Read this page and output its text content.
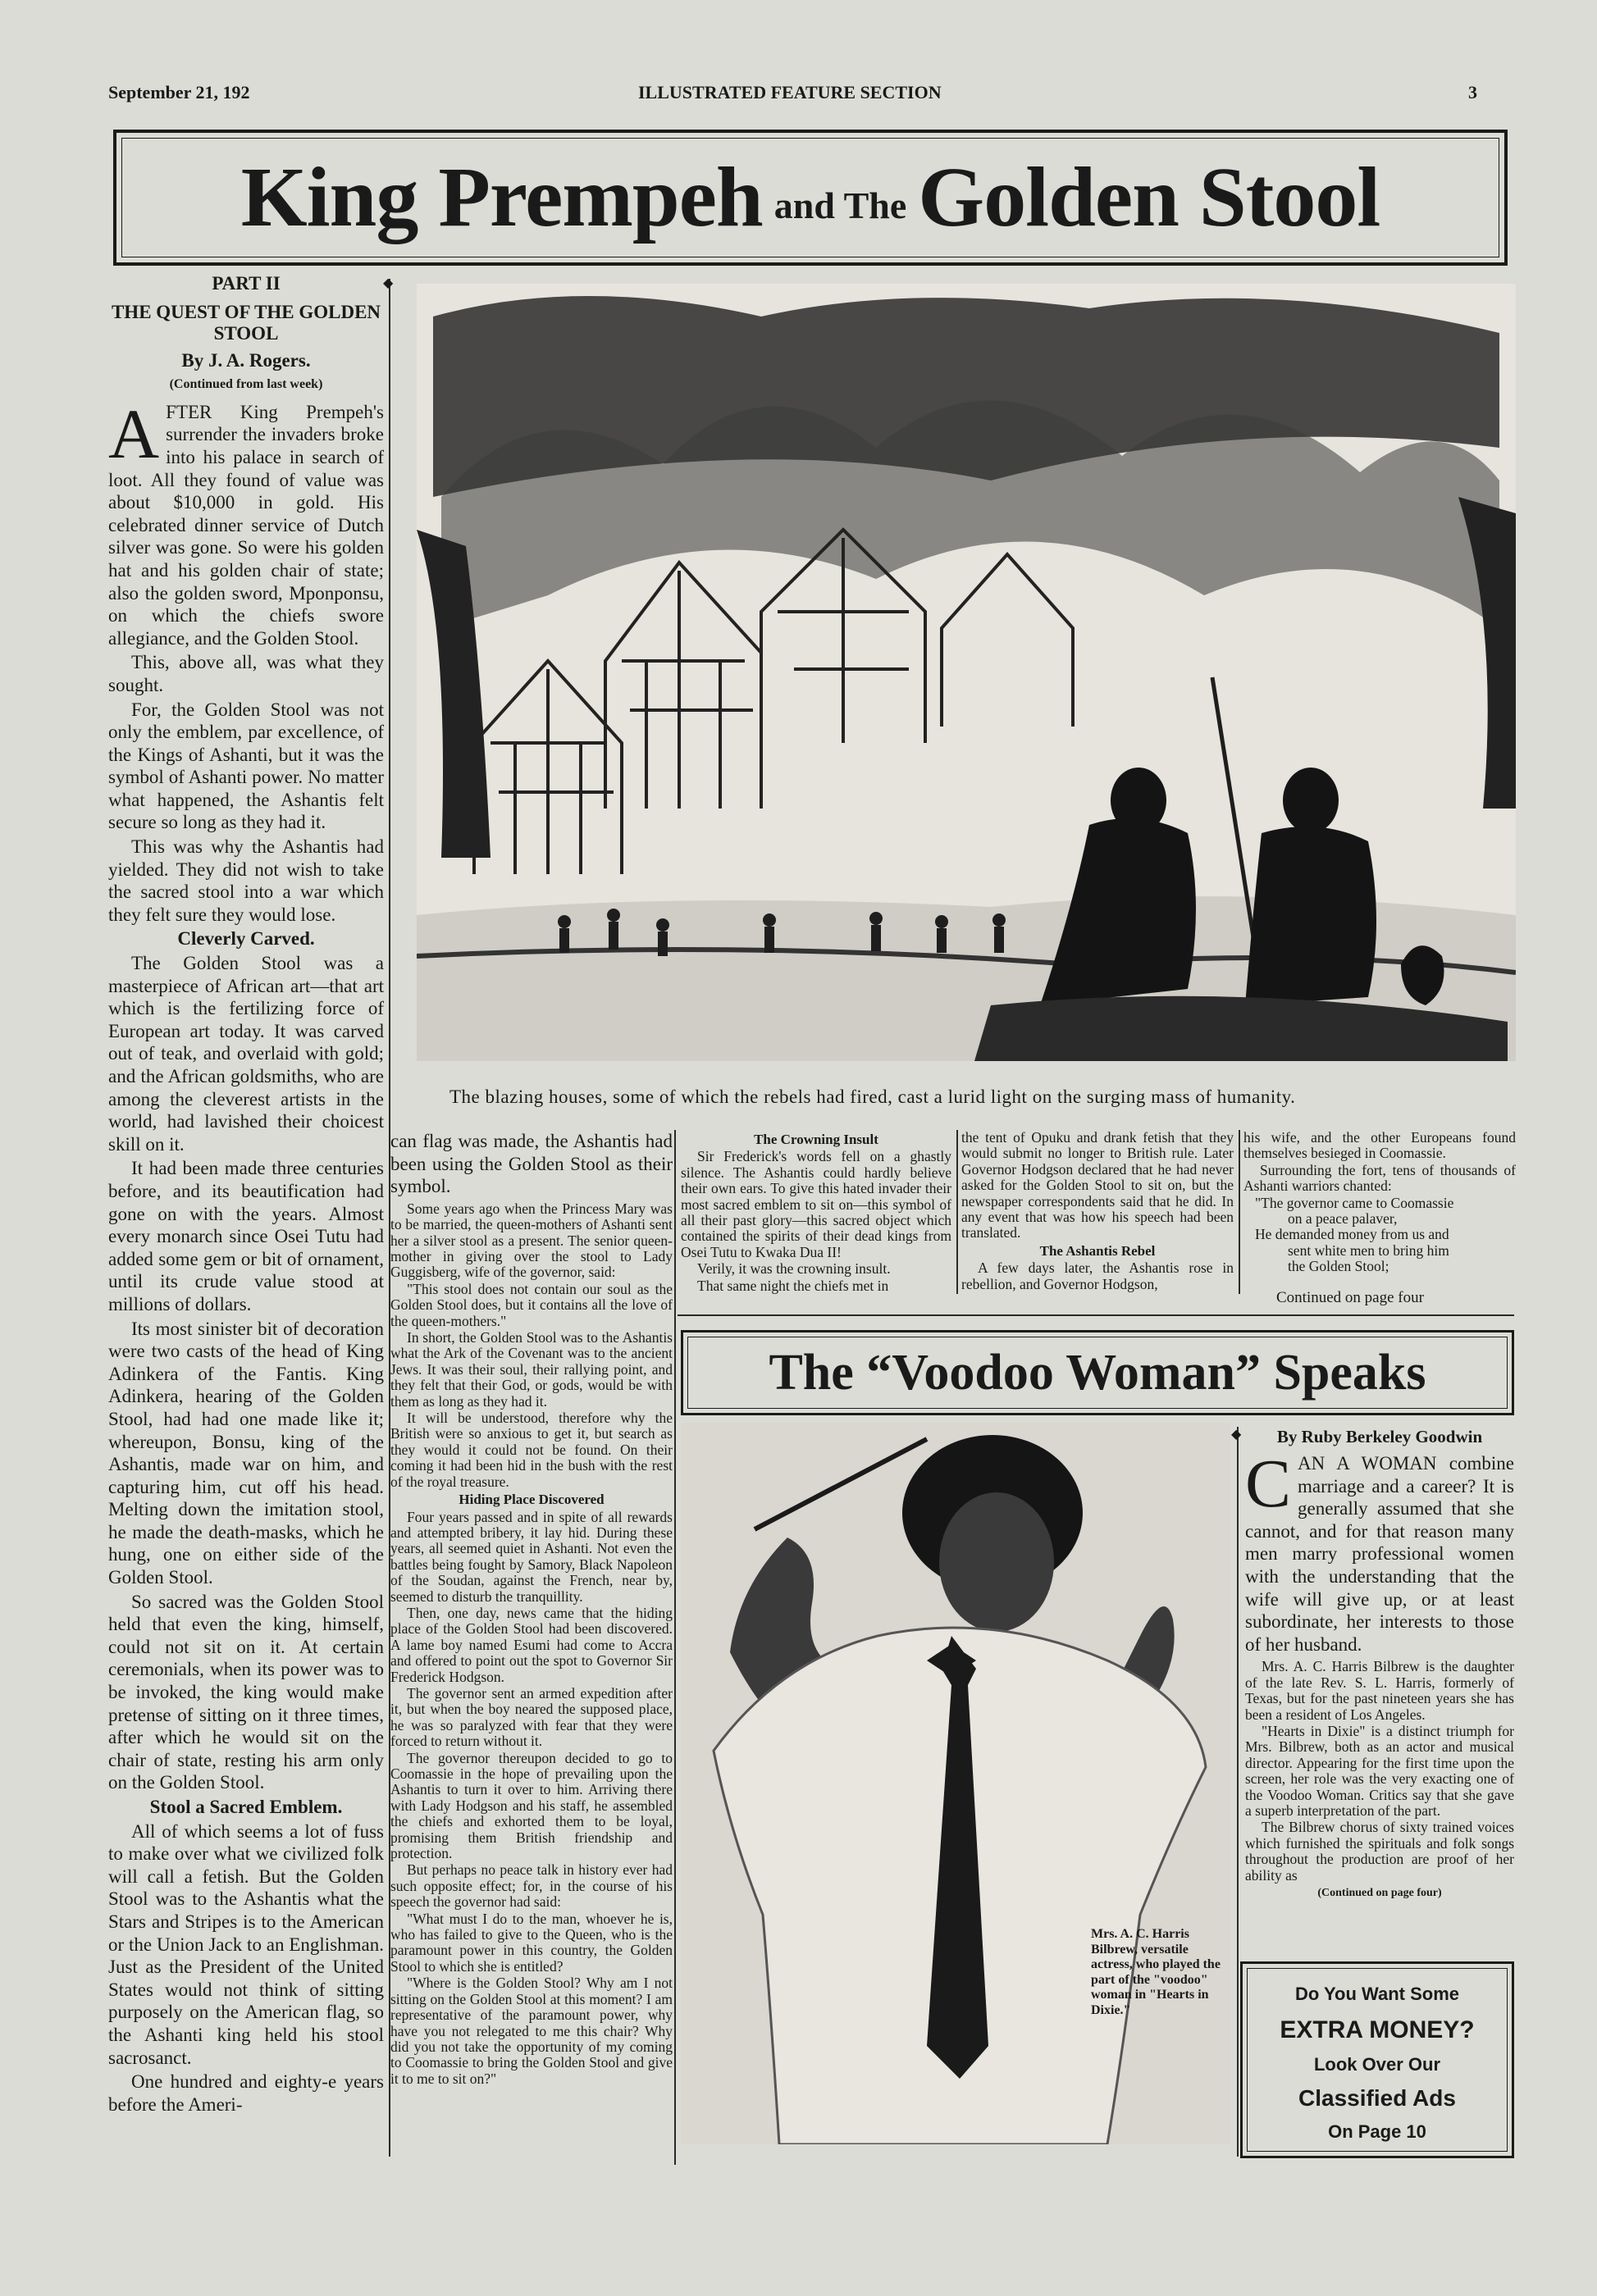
September 21, 192	ILLUSTRATED FEATURE SECTION	3
King Prempeh and The Golden Stool
PART II
THE QUEST OF THE GOLDEN STOOL
By J. A. Rogers.
(Continued from last week)

AFTER King Prempeh's surrender the invaders broke into his palace in search of loot. All they found of value was about $10,000 in gold. His celebrated dinner service of Dutch silver was gone. So were his golden hat and his golden chair of state; also the golden sword, Mponponsu, on which the chiefs swore allegiance, and the Golden Stool.

This, above all, was what they sought.

For, the Golden Stool was not only the emblem, par excellence, of the Kings of Ashanti, but it was the symbol of Ashanti power. No matter what happened, the Ashantis felt secure so long as they had it.

This was why the Ashantis had yielded. They did not wish to take the sacred stool into a war which they felt sure they would lose.

Cleverly Carved.

The Golden Stool was a masterpiece of African art—that art which is the fertilizing force of European art today. It was carved out of teak, and overlaid with gold; and the African goldsmiths, who are among the cleverest artists in the world, had lavished their choicest skill on it.

It had been made three centuries before, and its beautification had gone on with the years. Almost every monarch since Osei Tutu had added some gem or bit of ornament, until its crude value stood at millions of dollars.

Its most sinister bit of decoration were two casts of the head of King Adinkera of the Fantis. King Adinkera, hearing of the Golden Stool, had had one made like it; whereupon, Bonsu, king of the Ashantis, made war on him, and capturing him, cut off his head. Melting down the imitation stool, he made the death-masks, which he hung, one on either side of the Golden Stool.

So sacred was the Golden Stool held that even the king, himself, could not sit on it. At certain ceremonials, when its power was to be invoked, the king would make pretense of sitting on it three times, after which he would sit on the chair of state, resting his arm only on the Golden Stool.

Stool a Sacred Emblem.

All of which seems a lot of fuss to make over what we civilized folk will call a fetish. But the Golden Stool was to the Ashantis what the Stars and Stripes is to the American or the Union Jack to an Englishman. Just as the President of the United States would not think of sitting purposely on the American flag, so the Ashanti king held his stool sacrosanct.

One hundred and eighty-e years before the Ameri-

◆
The blazing houses, some of which the rebels had fired, cast a lurid light on the surging mass of humanity.
can flag was made, the Ashantis had been using the Golden Stool as their symbol.

Some years ago when the Princess Mary was to be married, the queen-mothers of Ashanti sent her a silver stool as a present. The senior queen-mother in giving over the stool to Lady Guggisberg, wife of the governor, said:

"This stool does not contain our soul as the Golden Stool does, but it contains all the love of the queen-mothers."

In short, the Golden Stool was to the Ashantis what the Ark of the Covenant was to the ancient Jews. It was their soul, their rallying point, and they felt that their God, or gods, would be with them as long as they had it.

It will be understood, therefore why the British were so anxious to get it, but search as they would it could not be found. On their coming it had been hid in the bush with the rest of the royal treasure.

Hiding Place Discovered

Four years passed and in spite of all rewards and attempted bribery, it lay hid. During these years, all seemed quiet in Ashanti. Not even the battles being fought by Samory, Black Napoleon of the Soudan, against the French, near by, seemed to disturb the tranquillity.

Then, one day, news came that the hiding place of the Golden Stool had been discovered. A lame boy named Esumi had come to Accra and offered to point out the spot to Governor Sir Frederick Hodgson.

The governor sent an armed expedition after it, but when the boy neared the supposed place, he was so paralyzed with fear that they were forced to return without it.

The governor thereupon decided to go to Coomassie in the hope of prevailing upon the Ashantis to turn it over to him. Arriving there with Lady Hodgson and his staff, he assembled the chiefs and exhorted them to be loyal, promising them British friendship and protection.

But perhaps no peace talk in history ever had such opposite effect; for, in the course of his speech the governor had said:

"What must I do to the man, whoever he is, who has failed to give to the Queen, who is the paramount power in this country, the Golden Stool to which she is entitled?

"Where is the Golden Stool? Why am I not sitting on the Golden Stool at this moment? I am representative of the paramount power, why have you not relegated to me this chair? Why did you not take the opportunity of my coming to Coomassie to bring the Golden Stool and give it to me to sit on?"

The Crowning Insult

Sir Frederick's words fell on a ghastly silence. The Ashantis could hardly believe their own ears. To give this hated invader their most sacred emblem to sit on—this symbol of all their past glory—this sacred object which contained the spirits of their dead kings from Osei Tutu to Kwaka Dua II!

Verily, it was the crowning insult.

That same night the chiefs met in

the tent of Opuku and drank fetish that they would submit no longer to British rule. Later Governor Hodgson declared that he had never asked for the Golden Stool to sit on, but the newspaper correspondents said that he did. In any event that was how his speech had been translated.

The Ashantis Rebel

A few days later, the Ashantis rose in rebellion, and Governor Hodgson,

his wife, and the other Europeans found themselves besieged in Coomassie.

Surrounding the fort, tens of thousands of Ashanti warriors chanted:

"The governor came to Coomassie
on a peace palaver,
He demanded money from us and
sent white men to bring him
the Golden Stool;
Continued on page four
The “Voodoo Woman” Speaks
Mrs. A. C. Harris Bilbrew, versatile actress, who played the part of the "voodoo" woman in "Hearts in Dixie."
◆	By Ruby Berkeley Goodwin
CAN A WOMAN combine marriage and a career? It is generally assumed that she cannot, and for that reason many men marry professional women with the understanding that the wife will give up, or at least subordinate, her interests to those of her husband.

Mrs. A. C. Harris Bilbrew is the daughter of the late Rev. S. L. Harris, formerly of Texas, but for the past nineteen years she has been a resident of Los Angeles.

"Hearts in Dixie" is a distinct triumph for Mrs. Bilbrew, both as an actor and musical director. Appearing for the first time upon the screen, her role was the very exacting one of the Voodoo Woman. Critics say that she gave a superb interpretation of the part.

The Bilbrew chorus of sixty trained voices which furnished the spirituals and folk songs throughout the production are proof of her ability as

(Continued on page four)
Do You Want Some
EXTRA MONEY?
Look Over Our
Classified Ads
On Page 10
